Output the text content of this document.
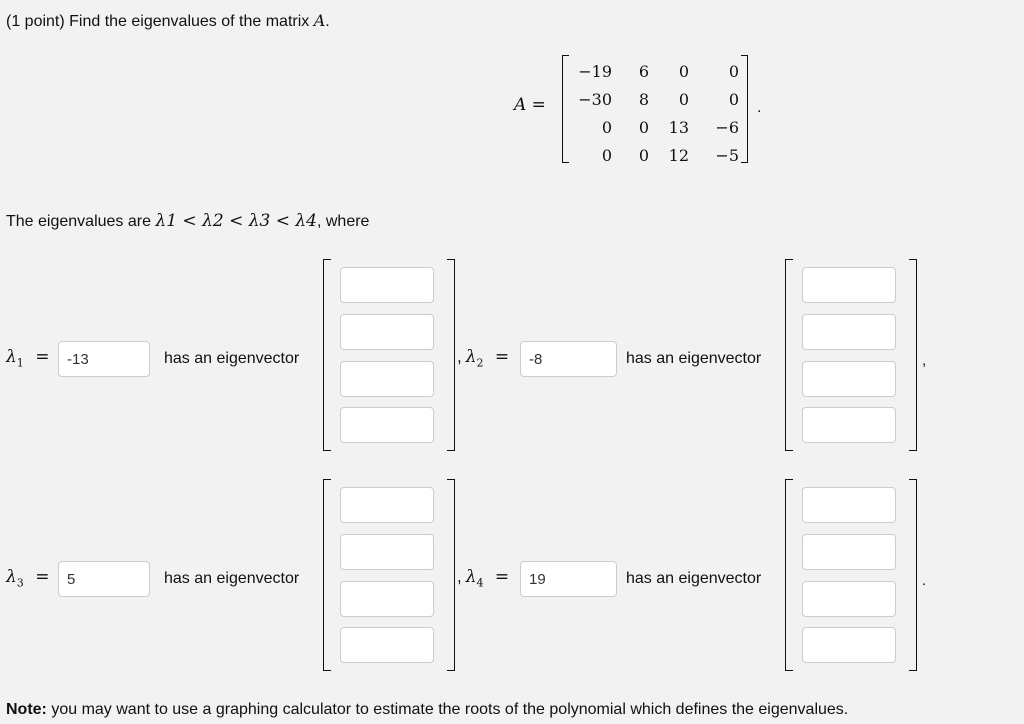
(1 point) Find the eigenvalues of the matrix A.
A =
−19	6	0	0
−30	8	0	0
0	0	13	−6
0	0	12	−5
.
The eigenvalues are λ1 < λ2 < λ3 < λ4, where
$\lambda_1$ =
-13	has an eigenvector	, $\lambda_2$ =
-8	has an eigenvector	,
$\lambda_3$ =
5	has an eigenvector	, $\lambda_4$ =
19	has an eigenvector	.
Note: you may want to use a graphing calculator to estimate the roots of the polynomial which defines the eigenvalues.
